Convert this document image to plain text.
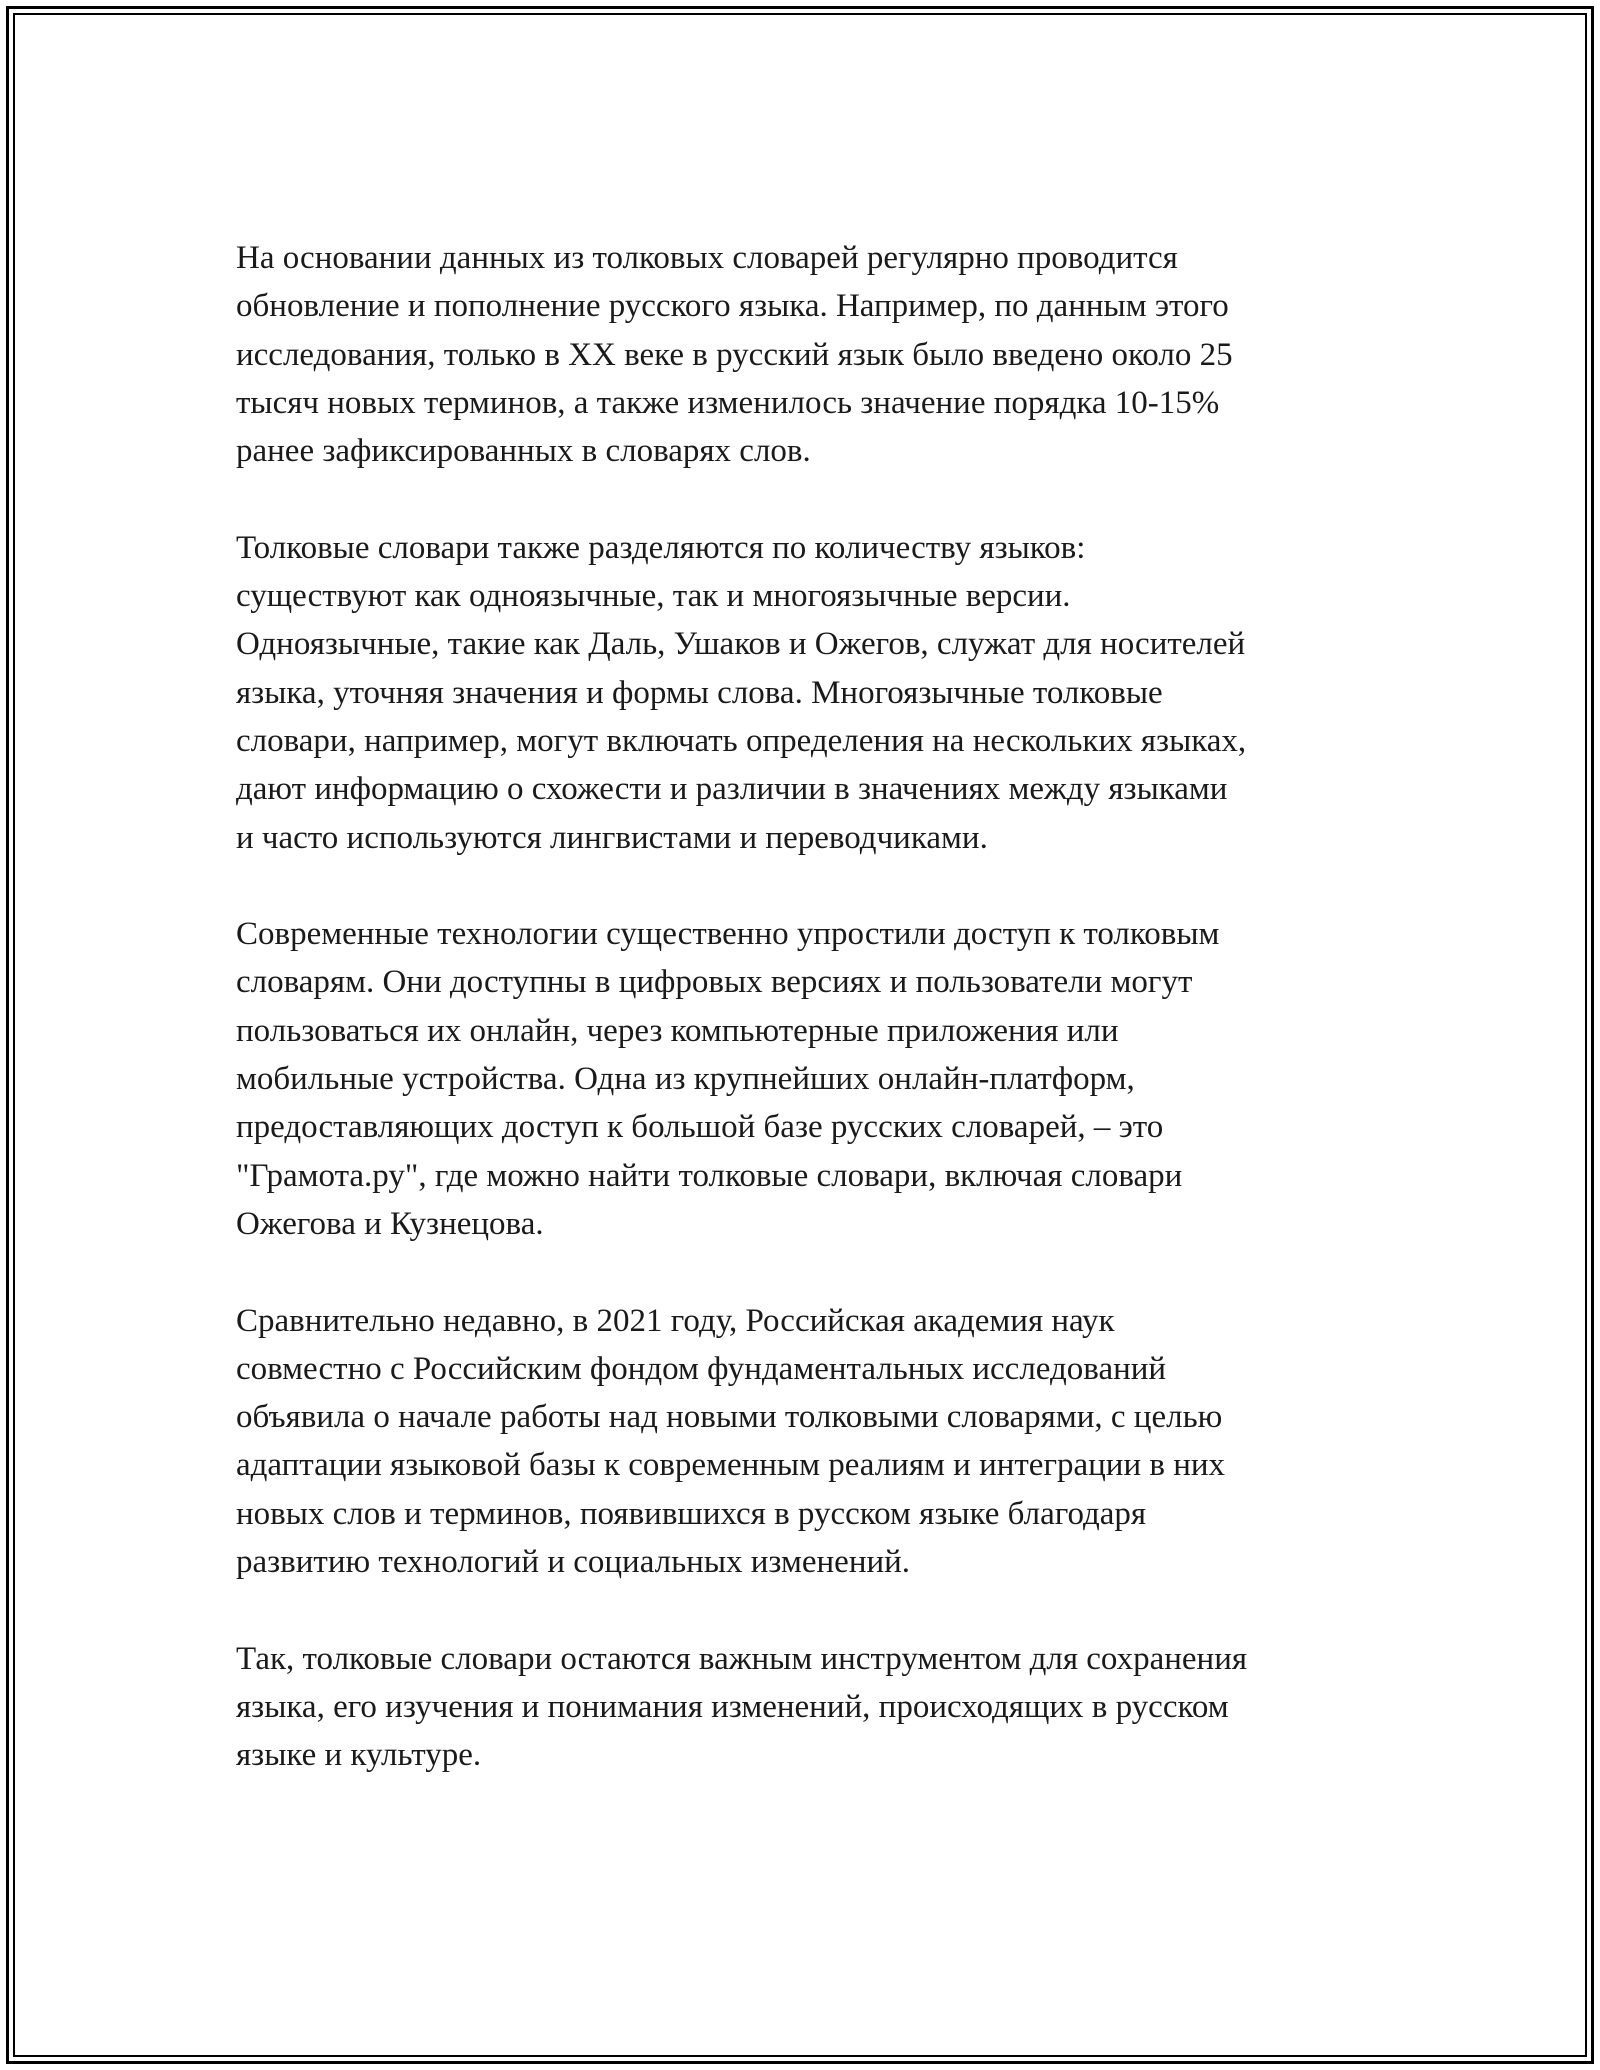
На основании данных из толковых словарей регулярно проводится
обновление и пополнение русского языка. Например, по данным этого
исследования, только в XX веке в русский язык было введено около 25
тысяч новых терминов, а также изменилось значение порядка 10-15%
ранее зафиксированных в словарях слов.

Толковые словари также разделяются по количеству языков:
существуют как одноязычные, так и многоязычные версии.
Одноязычные, такие как Даль, Ушаков и Ожегов, служат для носителей
языка, уточняя значения и формы слова. Многоязычные толковые
словари, например, могут включать определения на нескольких языках,
дают информацию о схожести и различии в значениях между языками
и часто используются лингвистами и переводчиками.

Современные технологии существенно упростили доступ к толковым
словарям. Они доступны в цифровых версиях и пользователи могут
пользоваться их онлайн, через компьютерные приложения или
мобильные устройства. Одна из крупнейших онлайн-платформ,
предоставляющих доступ к большой базе русских словарей, – это
"Грамота.ру", где можно найти толковые словари, включая словари
Ожегова и Кузнецова.

Сравнительно недавно, в 2021 году, Российская академия наук
совместно с Российским фондом фундаментальных исследований
объявила о начале работы над новыми толковыми словарями, с целью
адаптации языковой базы к современным реалиям и интеграции в них
новых слов и терминов, появившихся в русском языке благодаря
развитию технологий и социальных изменений.

Так, толковые словари остаются важным инструментом для сохранения
языка, его изучения и понимания изменений, происходящих в русском
языке и культуре.
